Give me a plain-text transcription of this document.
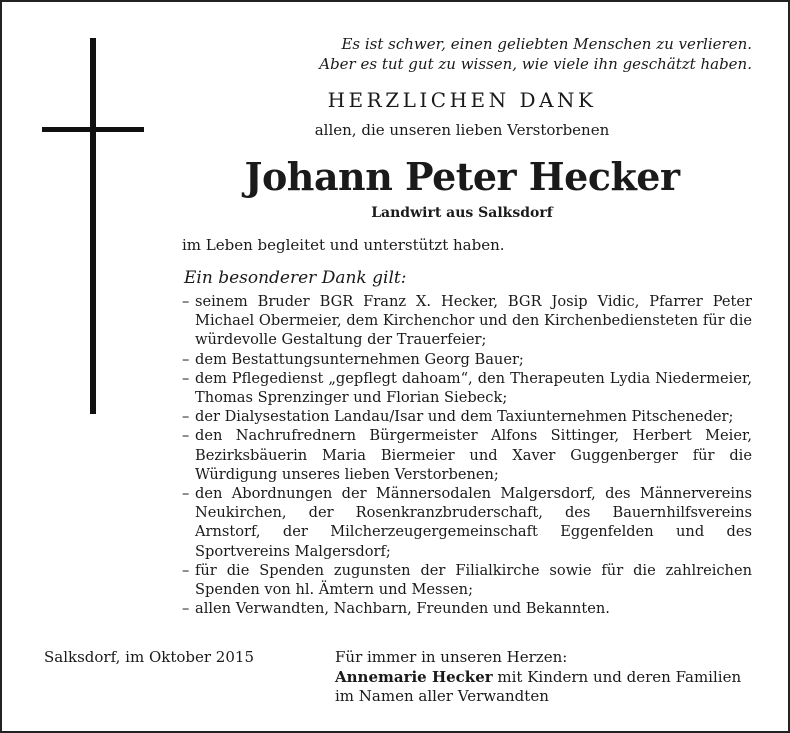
Es ist schwer, einen geliebten Menschen zu verlieren.
Aber es tut gut zu wissen, wie viele ihn geschätzt haben.
HERZLICHEN DANK
allen, die unseren lieben Verstorbenen
Johann Peter Hecker
Landwirt aus Salksdorf
im Leben begleitet und unterstützt haben.
Ein besonderer Dank gilt:
– seinem Bruder BGR Franz X. Hecker, BGR Josip Vidic, Pfarrer Peter Michael Obermeier, dem Kirchenchor und den Kirchenbediensteten für die würdevolle Gestaltung der Trauerfeier;
– dem Bestattungsunternehmen Georg Bauer;
– dem Pflegedienst „gepflegt dahoam“, den Therapeuten Lydia Niedermeier, Thomas Sprenzinger und Florian Siebeck;
– der Dialysestation Landau/Isar und dem Taxiunternehmen Pitscheneder;
– den Nachrufrednern Bürgermeister Alfons Sittinger, Herbert Meier, Bezirksbäuerin Maria Biermeier und Xaver Guggenberger für die Würdigung unseres lieben Verstorbenen;
– den Abordnungen der Männersodalen Malgersdorf, des Männervereins Neukirchen, der Rosenkranzbruderschaft, des Bauernhilfsvereins Arnstorf, der Milcherzeugergemeinschaft Eggenfelden und des Sportvereins Malgersdorf;
– für die Spenden zugunsten der Filialkirche sowie für die zahlreichen Spenden von hl. Ämtern und Messen;
– allen Verwandten, Nachbarn, Freunden und Bekannten.
Salksdorf, im Oktober 2015	Für immer in unseren Herzen:
Annemarie Hecker mit Kindern und deren Familien
im Namen aller Verwandten
